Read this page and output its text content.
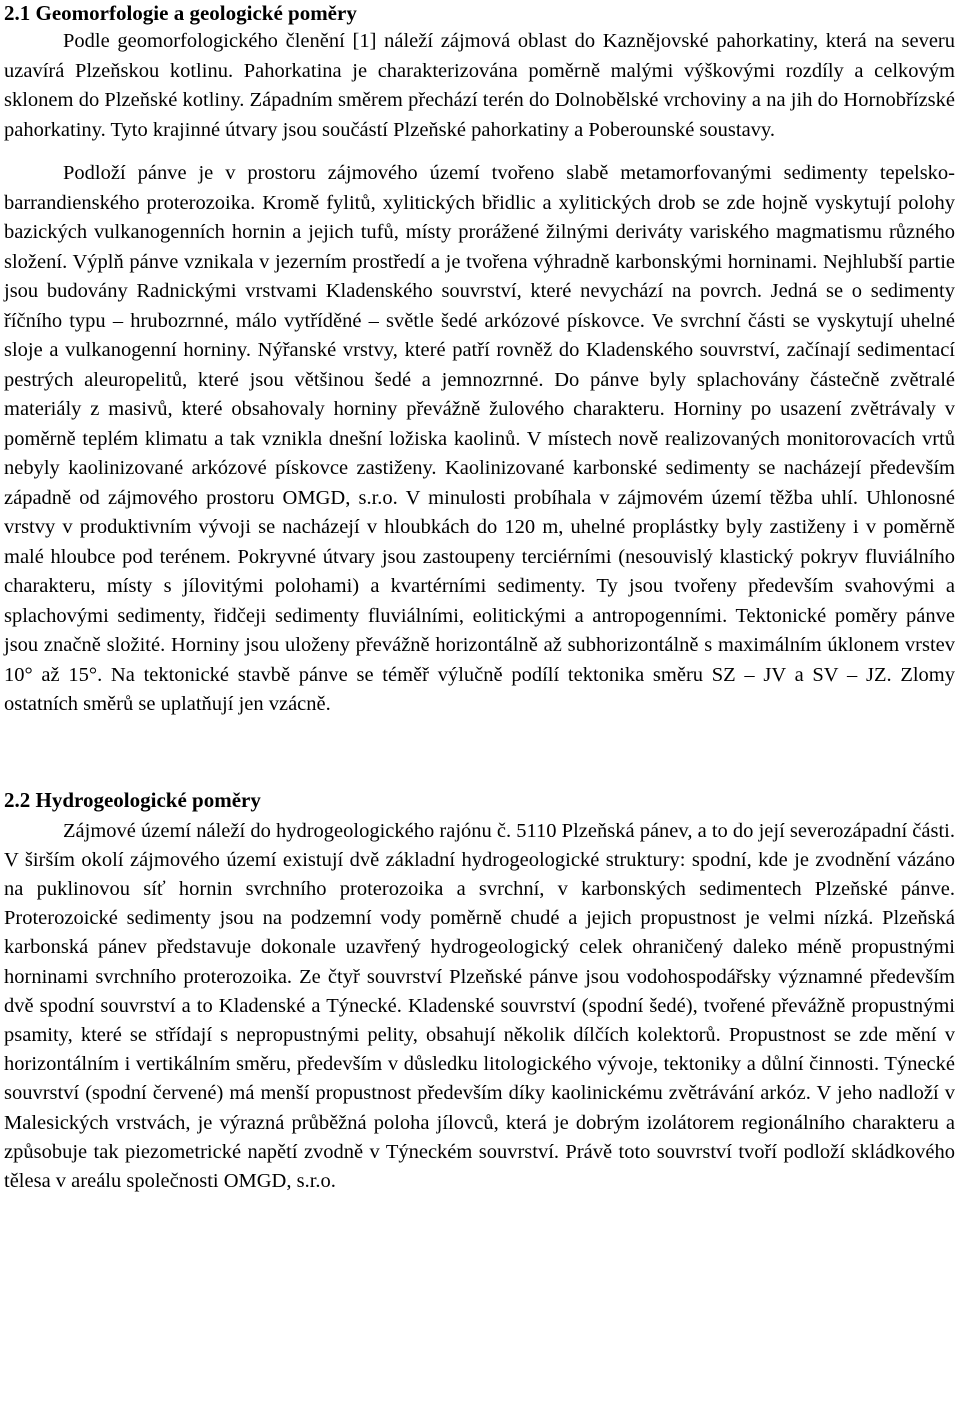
2.1 Geomorfologie a geologické poměry

Podle geomorfologického členění [1] náleží zájmová oblast do Kaznějovské pahorkatiny, která na severu uzavírá Plzeňskou kotlinu. Pahorkatina je charakterizována poměrně malými výškovými rozdíly a celkovým sklonem do Plzeňské kotliny. Západním směrem přechází terén do Dolnobělské vrchoviny a na jih do Hornobřízské pahorkatiny. Tyto krajinné útvary jsou součástí Plzeňské pahorkatiny a Poberounské soustavy.

Podloží pánve je v prostoru zájmového území tvořeno slabě metamorfovanými sedimenty tepelsko-barrandienského proterozoika. Kromě fylitů, xylitických břidlic a xylitických drob se zde hojně vyskytují polohy bazických vulkanogenních hornin a jejich tufů, místy prorážené žilnými deriváty variského magmatismu různého složení. Výplň pánve vznikala v jezerním prostředí a je tvořena výhradně karbonskými horninami. Nejhlubší partie jsou budovány Radnickými vrstvami Kladenského souvrství, které nevychází na povrch. Jedná se o sedimenty říčního typu – hrubozrnné, málo vytříděné – světle šedé arkózové pískovce. Ve svrchní části se vyskytují uhelné sloje a vulkanogenní horniny. Nýřanské vrstvy, které patří rovněž do Kladenského souvrství, začínají sedimentací pestrých aleuropelitů, které jsou většinou šedé a jemnozrnné. Do pánve byly splachovány částečně zvětralé materiály z masivů, které obsahovaly horniny převážně žulového charakteru. Horniny po usazení zvětrávaly v poměrně teplém klimatu a tak vznikla dnešní ložiska kaolinů. V místech nově realizovaných monitorovacích vrtů nebyly kaolinizované arkózové pískovce zastiženy. Kaolinizované karbonské sedimenty se nacházejí především západně od zájmového prostoru OMGD, s.r.o. V minulosti probíhala v zájmovém území těžba uhlí. Uhlonosné vrstvy v produktivním vývoji se nacházejí v hloubkách do 120 m, uhelné proplástky byly zastiženy i v poměrně malé hloubce pod terénem. Pokryvné útvary jsou zastoupeny terciérními (nesouvislý klastický pokryv fluviálního charakteru, místy s jílovitými polohami) a kvartérními sedimenty. Ty jsou tvořeny především svahovými a splachovými sedimenty, řidčeji sedimenty fluviálními, eolitickými a antropogenními. Tektonické poměry pánve jsou značně složité. Horniny jsou uloženy převážně horizontálně až subhorizontálně s maximálním úklonem vrstev 10° až 15°. Na tektonické stavbě pánve se téměř výlučně podílí tektonika směru SZ – JV a SV – JZ. Zlomy ostatních směrů se uplatňují jen vzácně.

2.2 Hydrogeologické poměry

Zájmové území náleží do hydrogeologického rajónu č. 5110 Plzeňská pánev, a to do její severozápadní části. V širším okolí zájmového území existují dvě základní hydrogeologické struktury: spodní, kde je zvodnění vázáno na puklinovou síť hornin svrchního proterozoika a svrchní, v karbonských sedimentech Plzeňské pánve. Proterozoické sedimenty jsou na podzemní vody poměrně chudé a jejich propustnost je velmi nízká. Plzeňská karbonská pánev představuje dokonale uzavřený hydrogeologický celek ohraničený daleko méně propustnými horninami svrchního proterozoika. Ze čtyř souvrství Plzeňské pánve jsou vodohospodářsky významné především dvě spodní souvrství a to Kladenské a Týnecké. Kladenské souvrství (spodní šedé), tvořené převážně propustnými psamity, které se střídají s nepropustnými pelity, obsahují několik dílčích kolektorů. Propustnost se zde mění v horizontálním i vertikálním směru, především v důsledku litologického vývoje, tektoniky a důlní činnosti. Týnecké souvrství (spodní červené) má menší propustnost především díky kaolinickému zvětrávání arkóz. V jeho nadloží v Malesických vrstvách, je výrazná průběžná poloha jílovců, která je dobrým izolátorem regionálního charakteru a způsobuje tak piezometrické napětí zvodně v Týneckém souvrství. Právě toto souvrství tvoří podloží skládkového tělesa v areálu společnosti OMGD, s.r.o.
